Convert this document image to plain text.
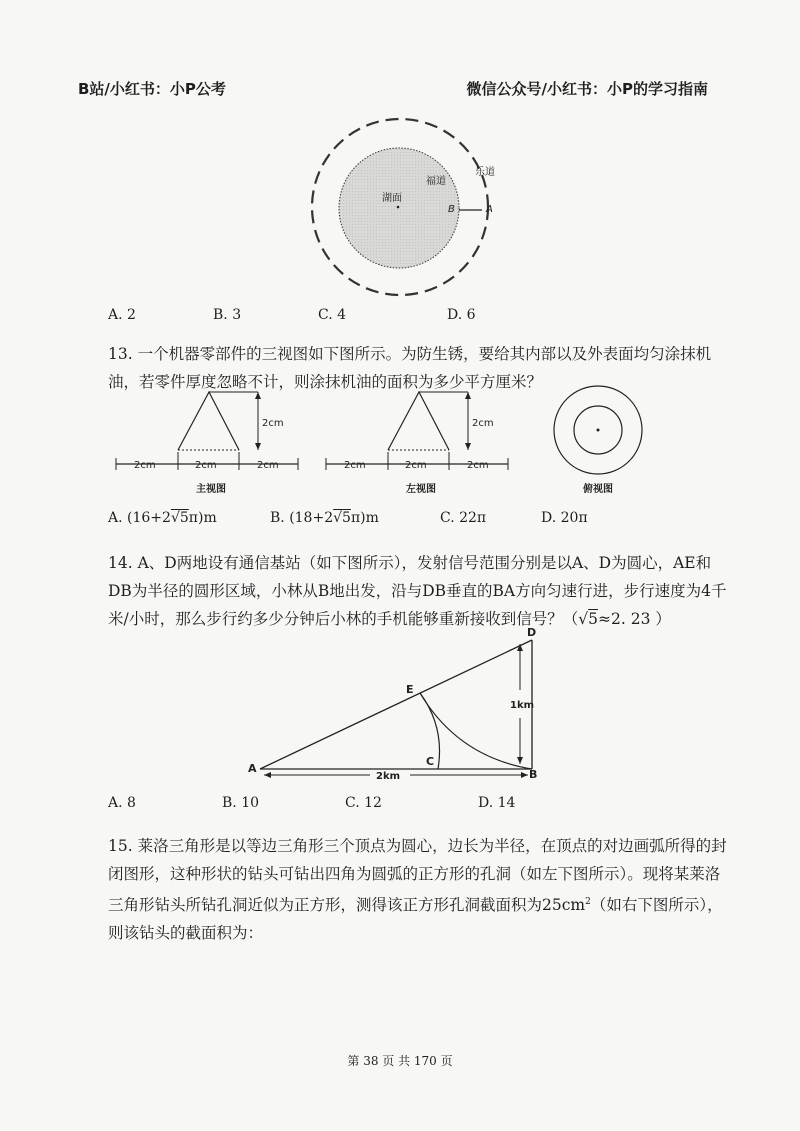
B站/小红书：小P公考	微信公众号/小红书：小P的学习指南
湖面
福道
乐道
B	A
A. 2	B. 3	C. 4	D. 6
13. 一个机器零部件的三视图如下图所示。为防生锈，要给其内部以及外表面均匀涂抹机油，若零件厚度忽略不计，则涂抹机油的面积为多少平方厘米？
2cm
2cm	2cm	2cm
主视图
2cm
2cm	2cm	2cm
左视图	俯视图
A. (16+2√5π)m	B. (18+2√5π)m	C. 22π	D. 20π
14. A、D两地设有通信基站（如下图所示），发射信号范围分别是以A、D为圆心，AE和DB为半径的圆形区域，小林从B地出发，沿与DB垂直的BA方向匀速行进，步行速度为4千米/小时，那么步行约多少分钟后小林的手机能够重新接收到信号？（√5≈2. 23 ）
1km
2km
A	B
C
D
E
A. 8	B. 10	C. 12	D. 14
15. 莱洛三角形是以等边三角形三个顶点为圆心，边长为半径，在顶点的对边画弧所得的封闭图形，这种形状的钻头可钻出四角为圆弧的正方形的孔洞（如左下图所示）。现将某莱洛三角形钻头所钻孔洞近似为正方形，测得该正方形孔洞截面积为$25cm^2$（如右下图所示），则该钻头的截面积为：
第 38 页 共 170 页
